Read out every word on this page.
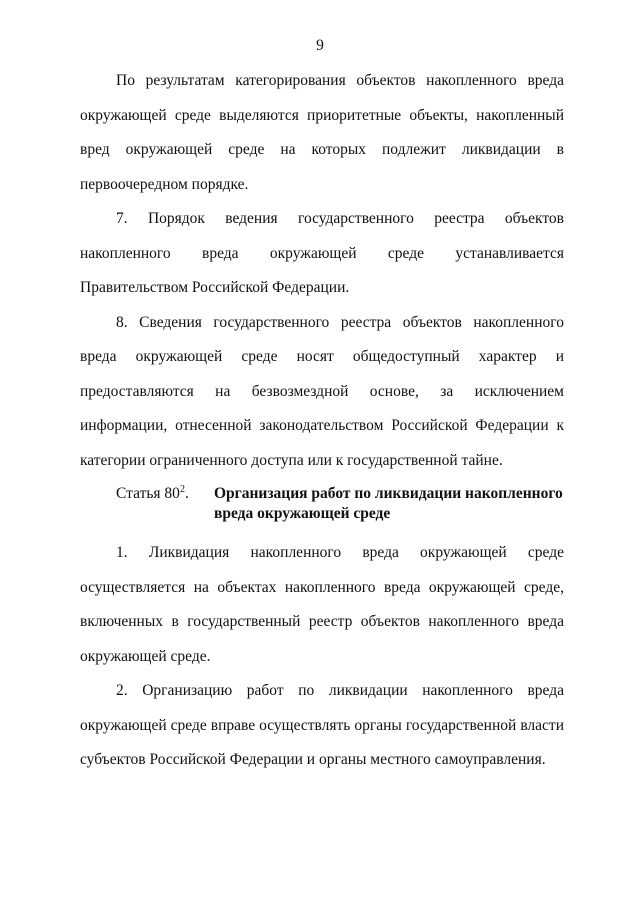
9

По результатам категорирования объектов накопленного вреда окружающей среде выделяются приоритетные объекты, накопленный вред окружающей среде на которых подлежит ликвидации в первоочередном порядке.

7. Порядок ведения государственного реестра объектов накопленного вреда окружающей среде устанавливается Правительством Российской Федерации.

8. Сведения государственного реестра объектов накопленного вреда окружающей среде носят общедоступный характер и предоставляются на безвозмездной основе, за исключением информации, отнесенной законодательством Российской Федерации к категории ограниченного доступа или к государственной тайне.

Статья $80^2$.	Организация работ по ликвидации накопленного вреда окружающей среде

1. Ликвидация накопленного вреда окружающей среде осуществляется на объектах накопленного вреда окружающей среде, включенных в государственный реестр объектов накопленного вреда окружающей среде.

2. Организацию работ по ликвидации накопленного вреда окружающей среде вправе осуществлять органы государственной власти субъектов Российской Федерации и органы местного самоуправления.
